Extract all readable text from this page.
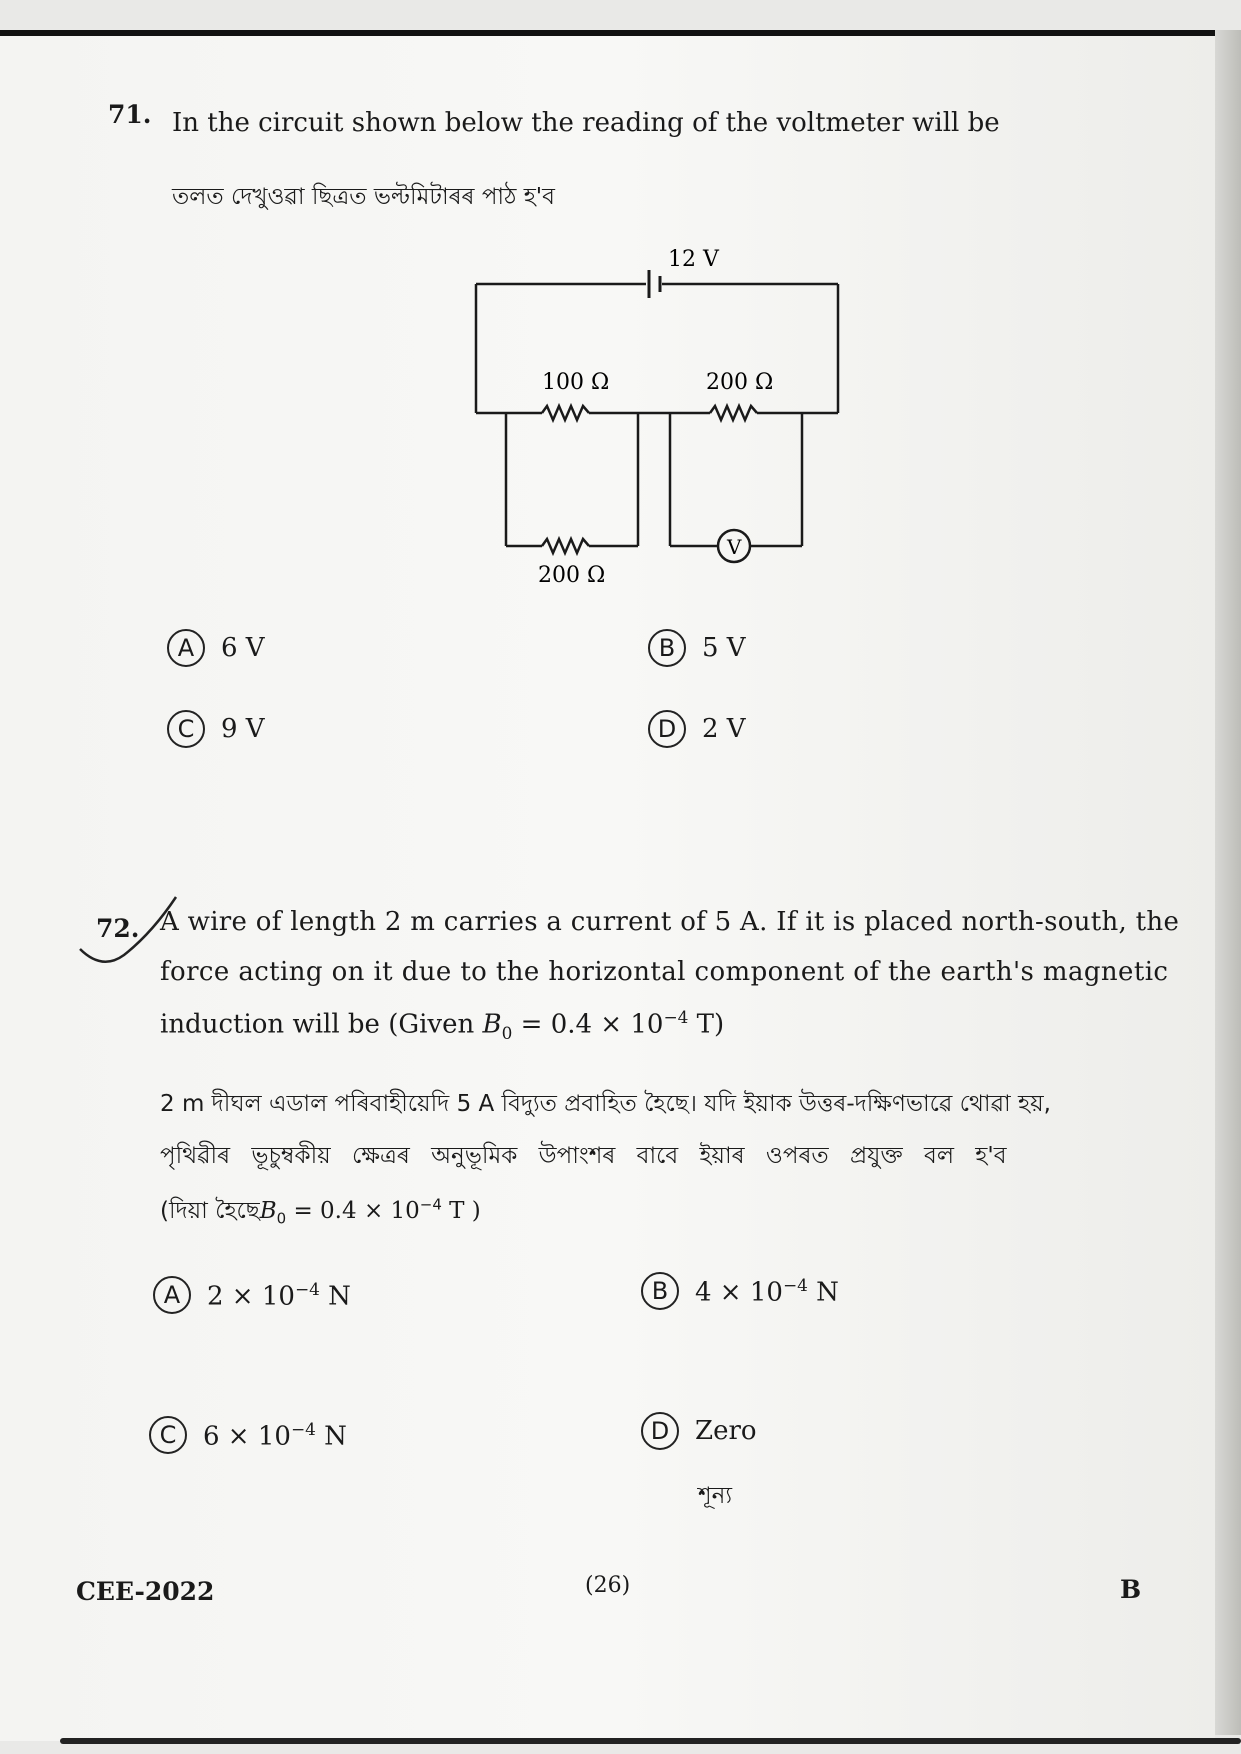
71. In the circuit shown below the reading of the voltmeter will be
তলত দেখুওৱা ছিত্ৰত ভল্টমিটাৰৰ পাঠ হ'ব
12 V
100 Ω	200 Ω
200 Ω
V
A	6 V	B	5 V
C	9 V	D 2 V
72. A wire of length 2 m carries a current of 5 A. If it is placed north-south, the
force acting on it due to the horizontal component of the earth's magnetic
induction will be (Given $B_0 = 0.4 \times 10^{-4}$ T)
2 m দীঘল এডাল পৰিবাহীয়েদি 5 A বিদ্যুত প্ৰবাহিত হৈছে। যদি ইয়াক উত্তৰ-দক্ষিণভাৱে থোৱা হয়,
পৃথিৱীৰ ভূচুম্বকীয় ক্ষেত্ৰৰ অনুভূমিক উপাংশৰ বাবে ইয়াৰ ওপৰত প্ৰযুক্ত বল হ'ব
(দিয়া $হৈছেB_0 = 0.4 \times 10^{-4}$ T )
A	$2 \times 10^{-4}$ N	B	$4 \times 10^{-4}$ N
C	$6 \times 10^{-4}$ N	D Zero
শূন্য
CEE-2022	(26)	B
